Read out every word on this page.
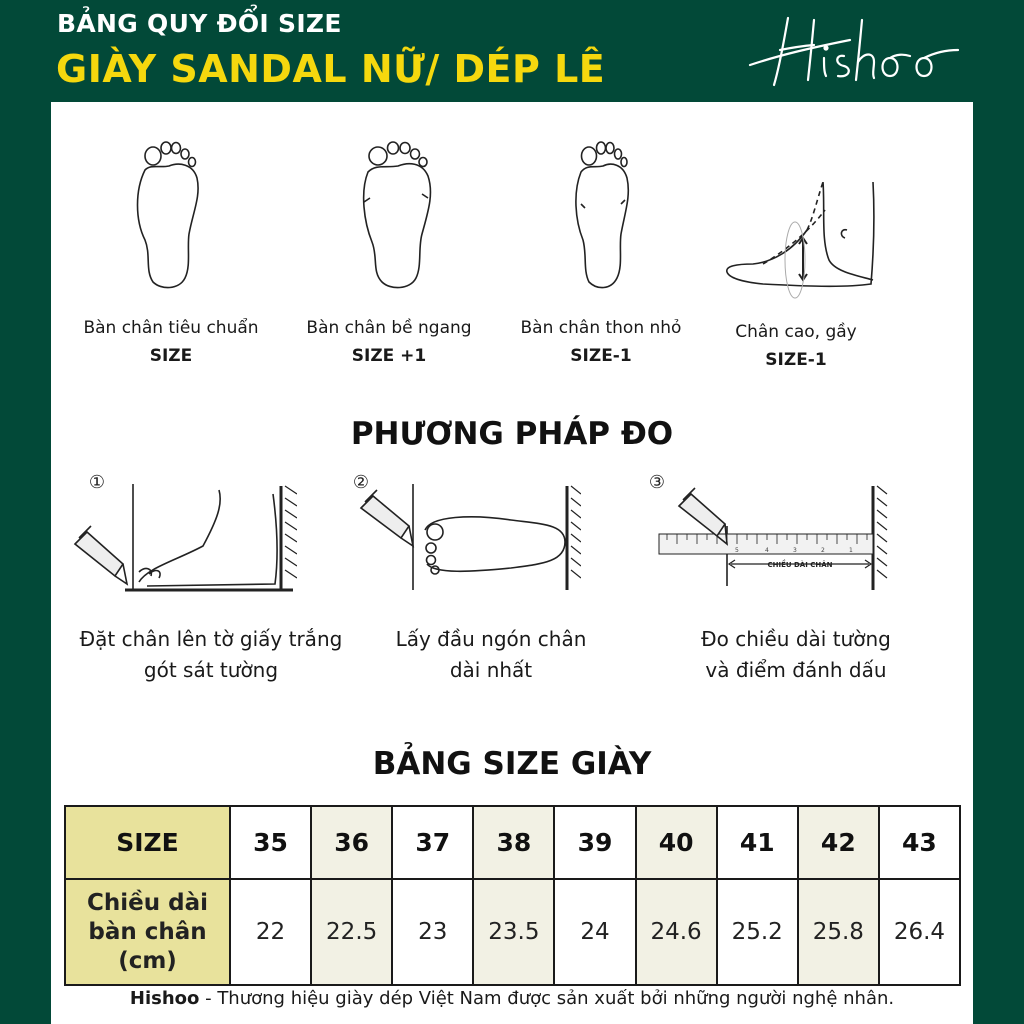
BẢNG QUY ĐỔI SIZE
GIÀY SANDAL NỮ/ DÉP LÊ
Bàn chân tiêu chuẩn
SIZE
Bàn chân bề ngang
SIZE +1
Bàn chân thon nhỏ
SIZE-1
Chân cao, gầy
SIZE-1
PHƯƠNG PHÁP ĐO
①	②	③
5	4	3	2	1
CHIỀU DÀI CHÂN
Đặt chân lên tờ giấy trắng
gót sát tường
Lấy đầu ngón chân
dài nhất
Đo chiều dài tường
và điểm đánh dấu
BẢNG SIZE GIÀY
SIZE	35	36	37	38	39	40	41	42	43

Chiều dài
bàn chân (cm)	22	22.5	23	23.5	24	24.6	25.2	25.8	26.4
Hishoo - Thương hiệu giày dép Việt Nam được sản xuất bởi những người nghệ nhân.
